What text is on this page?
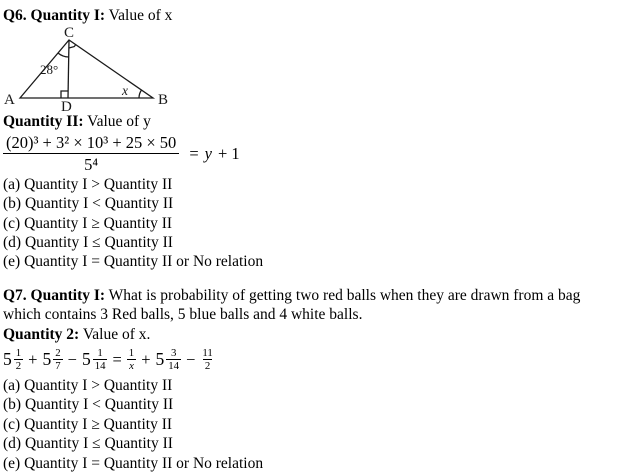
Q6. Quantity I: Value of x
C
A	B
D
28°
x
Quantity II: Value of y
$\frac{\text{(20)³ + 3² × 10³ + 25 × 50}}{\text{5⁴}} = y + 1$
(a) Quantity I > Quantity II
(b) Quantity I < Quantity II
(c) Quantity I ≥ Quantity II
(d) Quantity I ≤ Quantity II
(e) Quantity I = Quantity II or No relation
Q7. Quantity I: What is probability of getting two red balls when they are drawn from a bag
which contains 3 Red balls, 5 blue balls and 4 white balls.
Quantity 2: Value of x.
5 1
2 + 5 2
7 − 5 1
$14 = \frac{1}{x} + 5$ 3
$14 - \frac{11}{2}$
(a) Quantity I > Quantity II
(b) Quantity I < Quantity II
(c) Quantity I ≥ Quantity II
(d) Quantity I ≤ Quantity II
(e) Quantity I = Quantity II or No relation
